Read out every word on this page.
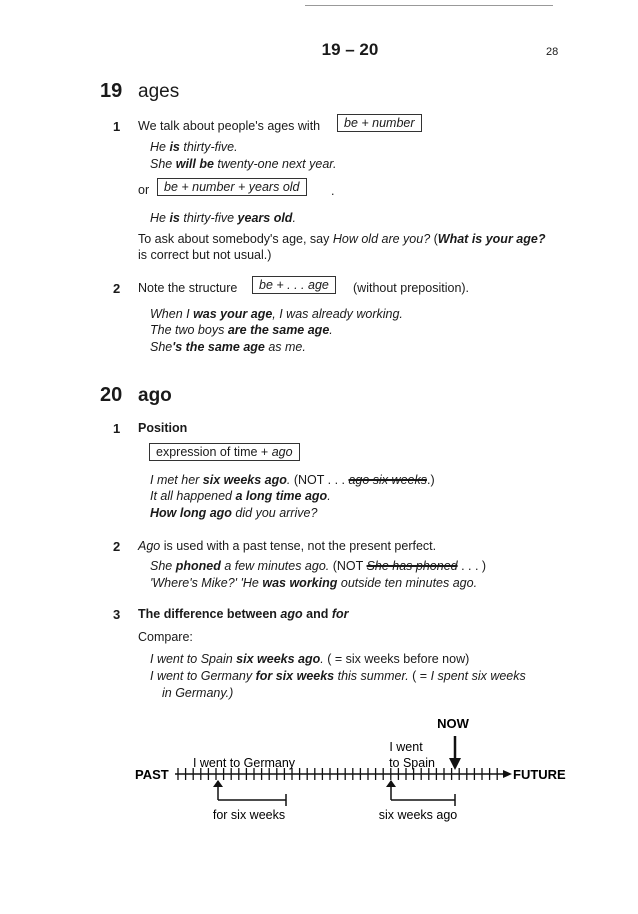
19 – 20	28
19 ages
1 We talk about people's ages with	be + number
He is thirty-five.
She will be twenty-one next year.
or	be + number + years old	.
He is thirty-five years old.
To ask about somebody's age, say How old are you? (What is your age?
is correct but not usual.)
2 Note the structure	be + . . . age	(without preposition).
When I was your age, I was already working.
The two boys are the same age.
She's the same age as me.
20 ago
1 Position
expression of time + ago
I met her six weeks ago. (NOT . . . ago six weeks.)
It all happened a long time ago.
How long ago did you arrive?
2 Ago is used with a past tense, not the present perfect.
She phoned a few minutes ago. (NOT She has phoned . . . )
'Where's Mike?' 'He was working outside ten minutes ago.
3 The difference between ago and for
Compare:
I went to Spain six weeks ago. ( = six weeks before now)
I went to Germany for six weeks this summer. ( = I spent six weeks
in Germany.)
NOW
I went
to Spain
I went to Germany
PAST	FUTURE
for six weeks	six weeks ago
